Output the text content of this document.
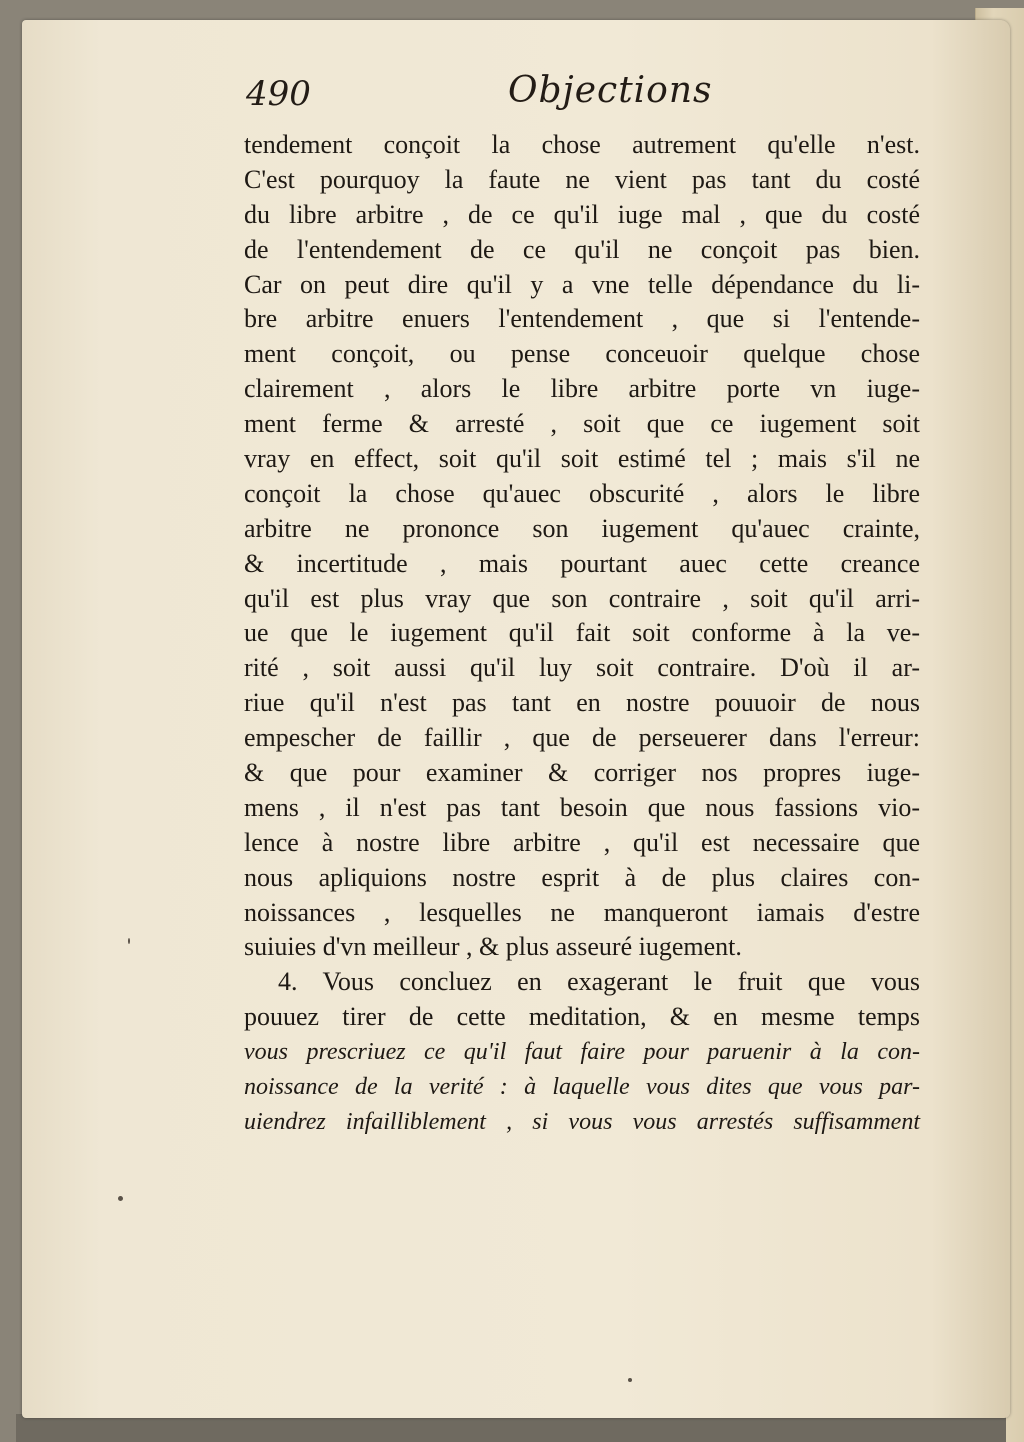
490	Objections
tendement conçoit la chose autrement qu'elle n'est.
C'est pourquoy la faute ne vient pas tant du costé
du libre arbitre , de ce qu'il iuge mal , que du costé
de l'entendement de ce qu'il ne conçoit pas bien.
Car on peut dire qu'il y a vne telle dépendance du li-
bre arbitre enuers l'entendement , que si l'entende-
ment conçoit, ou pense conceuoir quelque chose
clairement , alors le libre arbitre porte vn iuge-
ment ferme & arresté , soit que ce iugement soit
vray en effect, soit qu'il soit estimé tel ; mais s'il ne
conçoit la chose qu'auec obscurité , alors le libre
arbitre ne prononce son iugement qu'auec crainte,
& incertitude , mais pourtant auec cette creance
qu'il est plus vray que son contraire , soit qu'il arri-
ue que le iugement qu'il fait soit conforme à la ve-
rité , soit aussi qu'il luy soit contraire. D'où il ar-
riue qu'il n'est pas tant en nostre pouuoir de nous
empescher de faillir , que de perseuerer dans l'erreur:
& que pour examiner & corriger nos propres iuge-
mens , il n'est pas tant besoin que nous fassions vio-
lence à nostre libre arbitre , qu'il est necessaire que
nous apliquions nostre esprit à de plus claires con-
noissances , lesquelles ne manqueront iamais d'estre
suiuies d'vn meilleur , & plus asseuré iugement.
4. Vous concluez en exagerant le fruit que vous
pouuez tirer de cette meditation, & en mesme temps
vous prescriuez ce qu'il faut faire pour paruenir à la con-
noissance de la verité : à laquelle vous dites que vous par-
uiendrez infailliblement , si vous vous arrestés suffisamment
